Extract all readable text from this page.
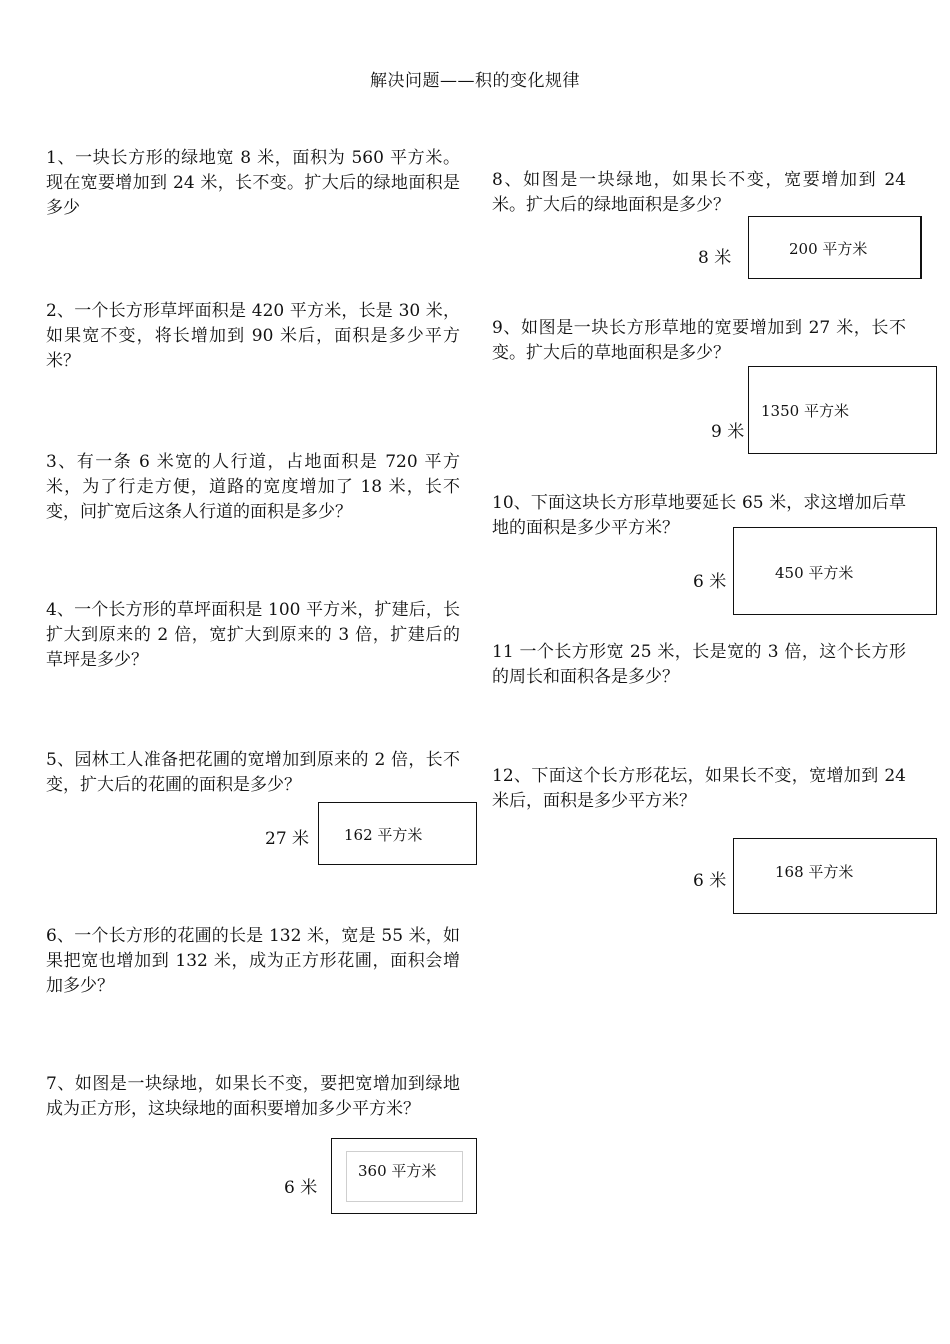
解决问题——积的变化规律

1、一块长方形的绿地宽 8 米，面积为 560 平方米。现在宽要增加到 24 米，长不变。扩大后的绿地面积是多少

2、一个长方形草坪面积是 420 平方米，长是 30 米，如果宽不变，将长增加到 90 米后，面积是多少平方米？

3、有一条 6 米宽的人行道，占地面积是 720 平方米，为了行走方便，道路的宽度增加了 18 米，长不变，问扩宽后这条人行道的面积是多少？

4、一个长方形的草坪面积是 100 平方米，扩建后，长扩大到原来的 2 倍，宽扩大到原来的 3 倍，扩建后的草坪是多少？

5、园林工人准备把花圃的宽增加到原来的 2 倍，长不变，扩大后的花圃的面积是多少？

27 米 162 平方米

6、一个长方形的花圃的长是 132 米，宽是 55 米，如果把宽也增加到 132 米，成为正方形花圃，面积会增加多少？

7、如图是一块绿地，如果长不变，要把宽增加到绿地成为正方形，这块绿地的面积要增加多少平方米？

6 米
360 平方米

8、如图是一块绿地，如果长不变，宽要增加到 24 米。扩大后的绿地面积是多少？

8 米	200 平方米

9、如图是一块长方形草地的宽要增加到 27 米，长不变。扩大后的草地面积是多少？

9 米
1350 平方米

10、下面这块长方形草地要延长 65 米，求这增加后草地的面积是多少平方米？

6 米	450 平方米

11 一个长方形宽 25 米，长是宽的 3 倍，这个长方形的周长和面积各是多少？

12、下面这个长方形花坛，如果长不变，宽增加到 24 米后，面积是多少平方米？

6 米	168 平方米
